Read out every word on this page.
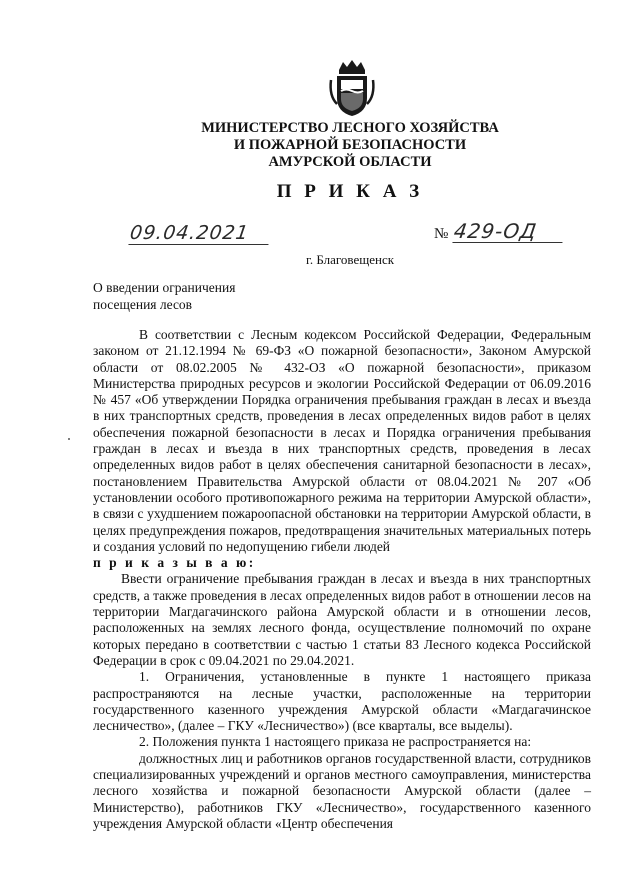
МИНИСТЕРСТВО ЛЕСНОГО ХОЗЯЙСТВА
И ПОЖАРНОЙ БЕЗОПАСНОСТИ
АМУРСКОЙ ОБЛАСТИ
П Р И К А З
09.04.2021	№ 429-ОД
г. Благовещенск
О введении ограничения
посещения лесов

В соответствии с Лесным кодексом Российской Федерации, Федеральным законом от 21.12.1994 № 69-ФЗ «О пожарной безопасности», Законом Амурской области от 08.02.2005 № 432-ОЗ «О пожарной безопасности», приказом Министерства природных ресурсов и экологии Российской Федерации от 06.09.2016 № 457 «Об утверждении Порядка ограничения пребывания граждан в лесах и въезда в них транспортных средств, проведения в лесах определенных видов работ в целях обеспечения пожарной безопасности в лесах и Порядка ограничения пребывания граждан в лесах и въезда в них транспортных средств, проведения в лесах определенных видов работ в целях обеспечения санитарной безопасности в лесах», постановлением Правительства Амурской области от 08.04.2021 № 207 «Об установлении особого противопожарного режима на территории Амурской области», в связи с ухудшением пожароопасной обстановки на территории Амурской области, в целях предупреждения пожаров, предотвращения значительных материальных потерь и создания условий по недопущению гибели людей

п р и к а з ы в а ю:

Ввести ограничение пребывания граждан в лесах и въезда в них транспортных средств, а также проведения в лесах определенных видов работ в отношении лесов на территории Магдагачинского района Амурской области и в отношении лесов, расположенных на землях лесного фонда, осуществление полномочий по охране которых передано в соответствии с частью 1 статьи 83 Лесного кодекса Российской Федерации в срок с 09.04.2021 по 29.04.2021.

1. Ограничения, установленные в пункте 1 настоящего приказа распространяются на лесные участки, расположенные на территории государственного казенного учреждения Амурской области «Магдагачинское лесничество», (далее – ГКУ «Лесничество») (все кварталы, все выделы).

2. Положения пункта 1 настоящего приказа не распространяется на:

должностных лиц и работников органов государственной власти, сотрудников специализированных учреждений и органов местного самоуправления, министерства лесного хозяйства и пожарной безопасности Амурской области (далее – Министерство), работников ГКУ «Лесничество», государственного казенного учреждения Амурской области «Центр обеспечения
